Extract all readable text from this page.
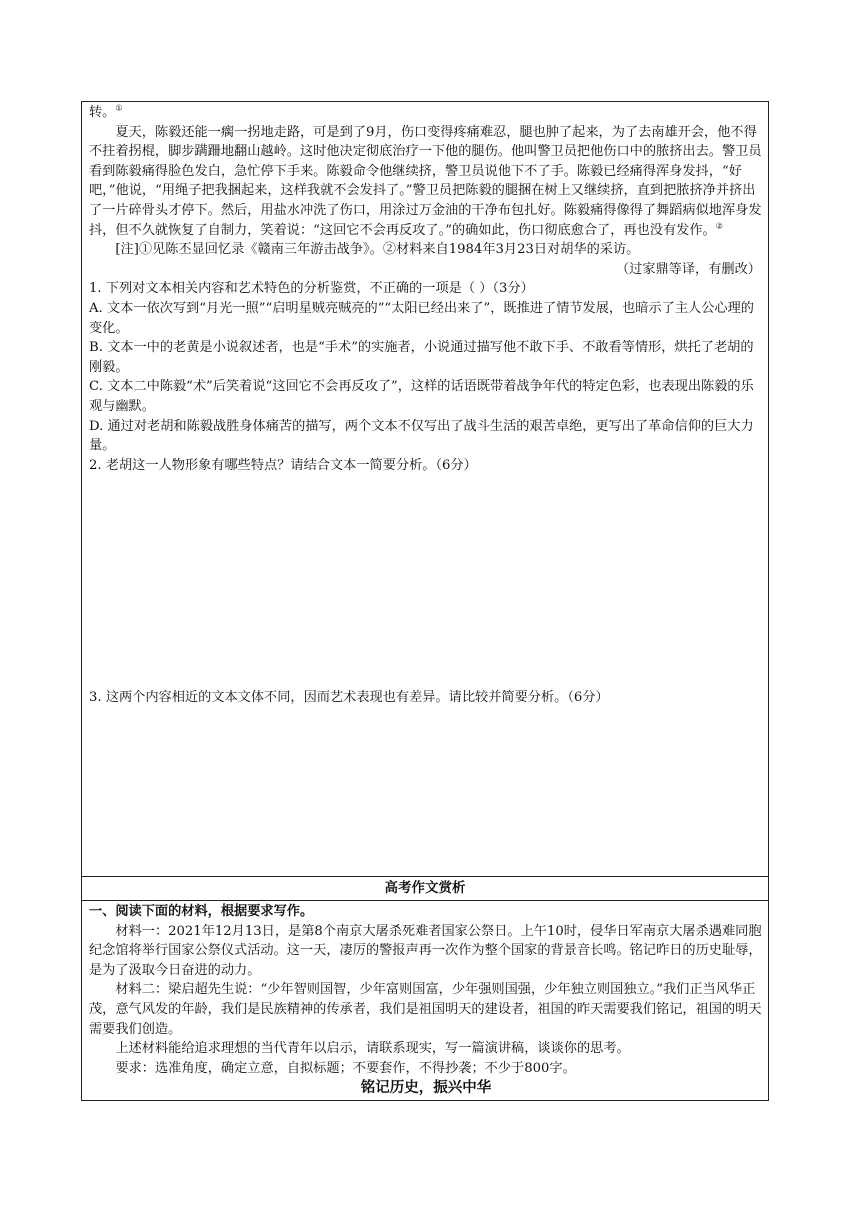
转。①

夏天，陈毅还能一瘸一拐地走路，可是到了9月，伤口变得疼痛难忍，腿也肿了起来，为了去南雄开会，他不得不拄着拐棍，脚步蹒跚地翻山越岭。这时他决定彻底治疗一下他的腿伤。他叫警卫员把他伤口中的脓挤出去。警卫员看到陈毅痛得脸色发白，急忙停下手来。陈毅命令他继续挤，警卫员说他下不了手。陈毅已经痛得浑身发抖，“好吧，”他说，“用绳子把我捆起来，这样我就不会发抖了。”警卫员把陈毅的腿捆在树上又继续挤，直到把脓挤净并挤出了一片碎骨头才停下。然后，用盐水冲洗了伤口，用涂过万金油的干净布包扎好。陈毅痛得像得了舞蹈病似地浑身发抖，但不久就恢复了自制力，笑着说：“这回它不会再反攻了。”的确如此，伤口彻底愈合了，再也没有发作。②

[注]①见陈丕显回忆录《赣南三年游击战争》。②材料来自1984年3月23日对胡华的采访。

（过家鼎等译，有删改）

1. 下列对文本相关内容和艺术特色的分析鉴赏，不正确的一项是（ ）（3分）

A. 文本一依次写到“月光一照”“启明星贼亮贼亮的”“太阳已经出来了”，既推进了情节发展，也暗示了主人公心理的变化。

B. 文本一中的老黄是小说叙述者，也是“手术”的实施者，小说通过描写他不敢下手、不敢看等情形，烘托了老胡的刚毅。

C. 文本二中陈毅“术”后笑着说“这回它不会再反攻了”，这样的话语既带着战争年代的特定色彩，也表现出陈毅的乐观与幽默。

D. 通过对老胡和陈毅战胜身体痛苦的描写，两个文本不仅写出了战斗生活的艰苦卓绝，更写出了革命信仰的巨大力量。

2. 老胡这一人物形象有哪些特点？请结合文本一简要分析。（6分）

3. 这两个内容相近的文本文体不同，因而艺术表现也有差异。请比较并简要分析。（6分）

高考作文赏析

一、阅读下面的材料，根据要求写作。

材料一：2021年12月13日，是第8个南京大屠杀死难者国家公祭日。上午10时，侵华日军南京大屠杀遇难同胞纪念馆将举行国家公祭仪式活动。这一天，凄厉的警报声再一次作为整个国家的背景音长鸣。铭记昨日的历史耻辱，是为了汲取今日奋进的动力。

材料二：梁启超先生说：“少年智则国智，少年富则国富，少年强则国强，少年独立则国独立。”我们正当风华正茂，意气风发的年龄，我们是民族精神的传承者，我们是祖国明天的建设者，祖国的昨天需要我们铭记，祖国的明天需要我们创造。

上述材料能给追求理想的当代青年以启示，请联系现实，写一篇演讲稿，谈谈你的思考。

要求：选准角度，确定立意，自拟标题；不要套作，不得抄袭；不少于800字。

铭记历史，振兴中华
